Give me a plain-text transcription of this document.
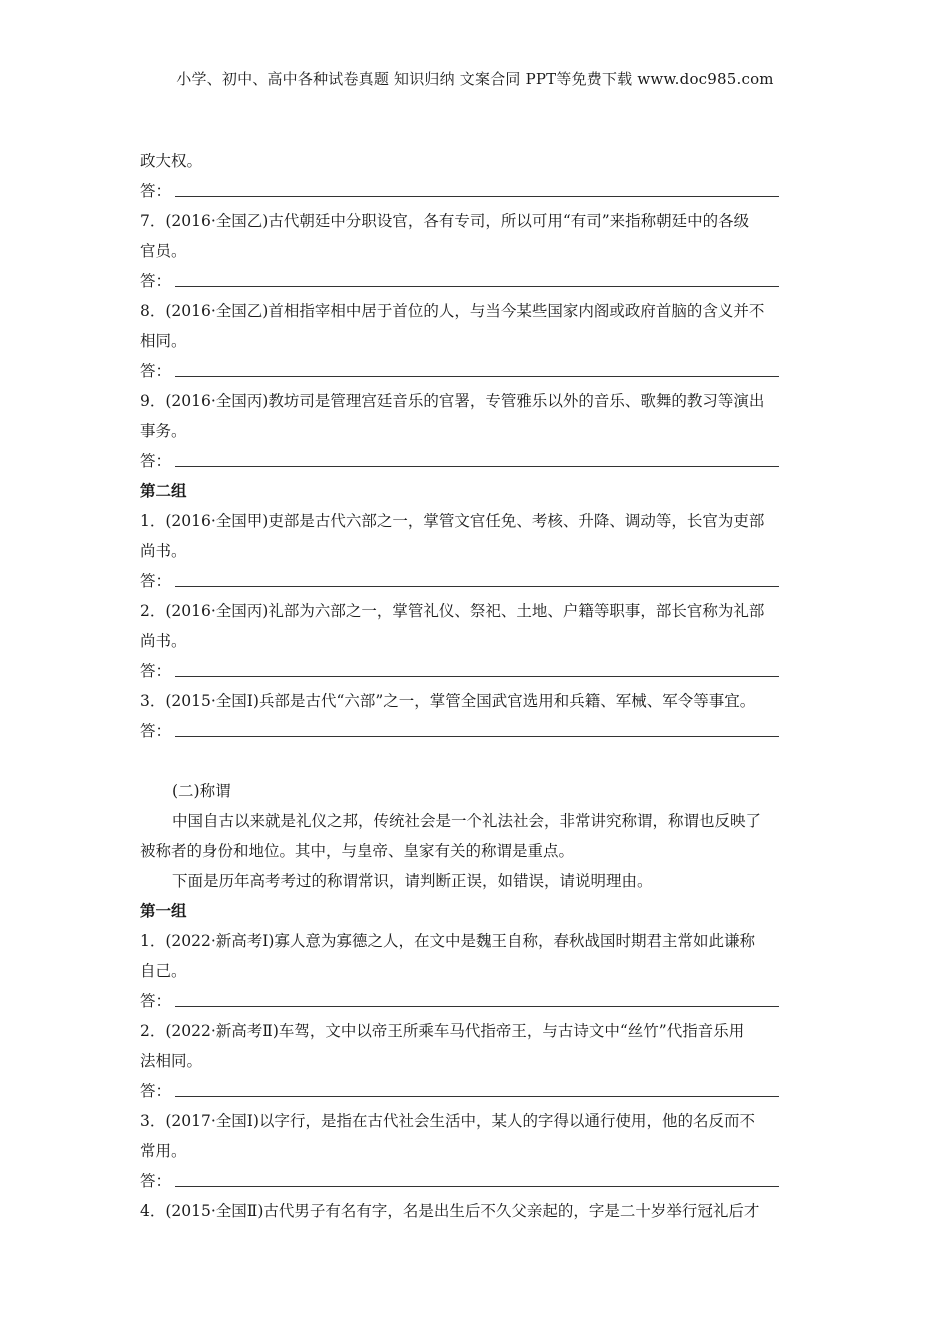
小学、初中、高中各种试卷真题 知识归纳 文案合同 PPT等免费下载 www.doc985.com
政大权。
答：
7．(2016·全国乙)古代朝廷中分职设官，各有专司，所以可用“有司”来指称朝廷中的各级
官员。
答：
8．(2016·全国乙)首相指宰相中居于首位的人，与当今某些国家内阁或政府首脑的含义并不
相同。
答：
9．(2016·全国丙)教坊司是管理宫廷音乐的官署，专管雅乐以外的音乐、歌舞的教习等演出
事务。
答：
第二组
1．(2016·全国甲)吏部是古代六部之一，掌管文官任免、考核、升降、调动等，长官为吏部
尚书。
答：
2．(2016·全国丙)礼部为六部之一，掌管礼仪、祭祀、土地、户籍等职事，部长官称为礼部
尚书。
答：
3．(2015·全国Ⅰ)兵部是古代“六部”之一，掌管全国武官选用和兵籍、军械、军令等事宜。
答：
(二)称谓
中国自古以来就是礼仪之邦，传统社会是一个礼法社会，非常讲究称谓，称谓也反映了
被称者的身份和地位。其中，与皇帝、皇家有关的称谓是重点。
下面是历年高考考过的称谓常识，请判断正误，如错误，请说明理由。
第一组
1．(2022·新高考Ⅰ)寡人意为寡德之人，在文中是魏王自称，春秋战国时期君主常如此谦称
自己。
答：
2．(2022·新高考Ⅱ)车驾，文中以帝王所乘车马代指帝王，与古诗文中“丝竹”代指音乐用
法相同。
答：
3．(2017·全国Ⅰ)以字行，是指在古代社会生活中，某人的字得以通行使用，他的名反而不
常用。
答：
4．(2015·全国Ⅱ)古代男子有名有字，名是出生后不久父亲起的，字是二十岁举行冠礼后才
